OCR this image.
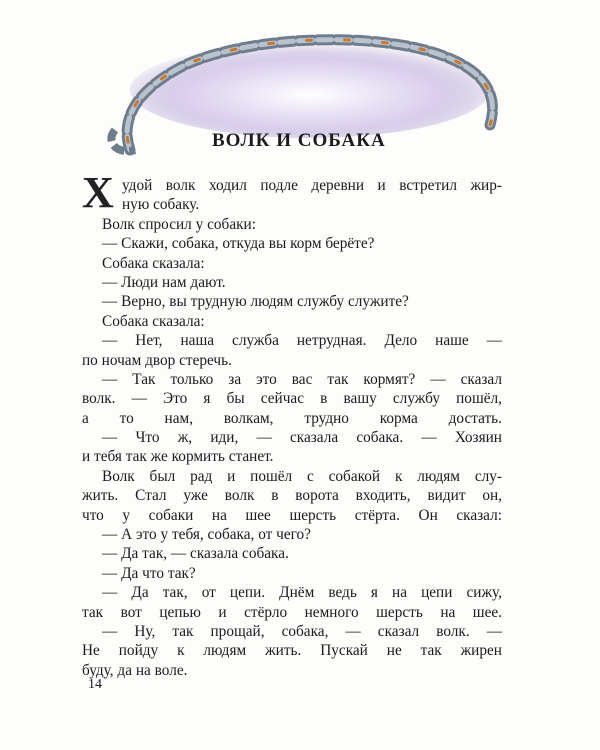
ВОЛК И СОБАКА
Х удой волк ходил подле деревни и встретил жир-
ную собаку.
Волк спросил у собаки:
— Скажи, собака, откуда вы корм берёте?
Собака сказала:
— Люди нам дают.
— Верно, вы трудную людям службу служите?
Собака сказала:
— Нет, наша служба нетрудная. Дело наше —
по ночам двор стеречь.
— Так только за это вас так кормят? — сказал
волк. — Это я бы сейчас в вашу службу пошёл,
а то нам, волкам, трудно корма достать.
— Что ж, иди, — сказала собака. — Хозяин
и тебя так же кормить станет.
Волк был рад и пошёл с собакой к людям слу-
жить. Стал уже волк в ворота входить, видит он,
что у собаки на шее шерсть стёрта. Он сказал:
— А это у тебя, собака, от чего?
— Да так, — сказала собака.
— Да что так?
— Да так, от цепи. Днём ведь я на цепи сижу,
так вот цепью и стёрло немного шерсть на шее.
— Ну, так прощай, собака, — сказал волк. —
Не пойду к людям жить. Пускай не так жирен
буду, да на воле.
14
